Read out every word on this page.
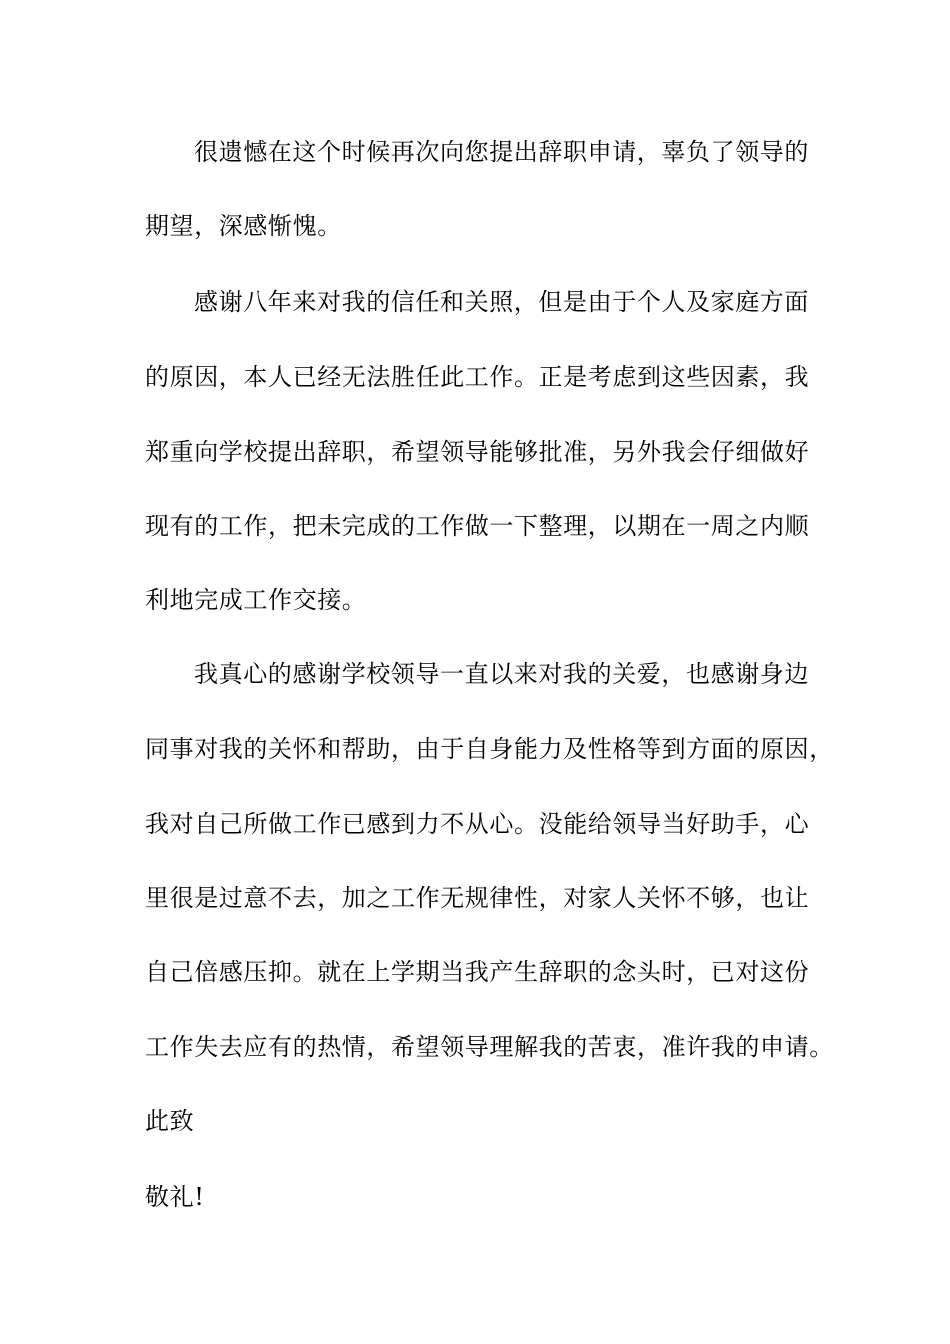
很遗憾在这个时候再次向您提出辞职申请，辜负了领导的
期望，深感惭愧。
感谢八年来对我的信任和关照，但是由于个人及家庭方面
的原因，本人已经无法胜任此工作。正是考虑到这些因素，我
郑重向学校提出辞职，希望领导能够批准，另外我会仔细做好
现有的工作，把未完成的工作做一下整理，以期在一周之内顺
利地完成工作交接。
我真心的感谢学校领导一直以来对我的关爱，也感谢身边
同事对我的关怀和帮助，由于自身能力及性格等到方面的原因，
我对自己所做工作已感到力不从心。没能给领导当好助手，心
里很是过意不去，加之工作无规律性，对家人关怀不够，也让
自己倍感压抑。就在上学期当我产生辞职的念头时，已对这份
工作失去应有的热情，希望领导理解我的苦衷，准许我的申请。
此致
敬礼!
